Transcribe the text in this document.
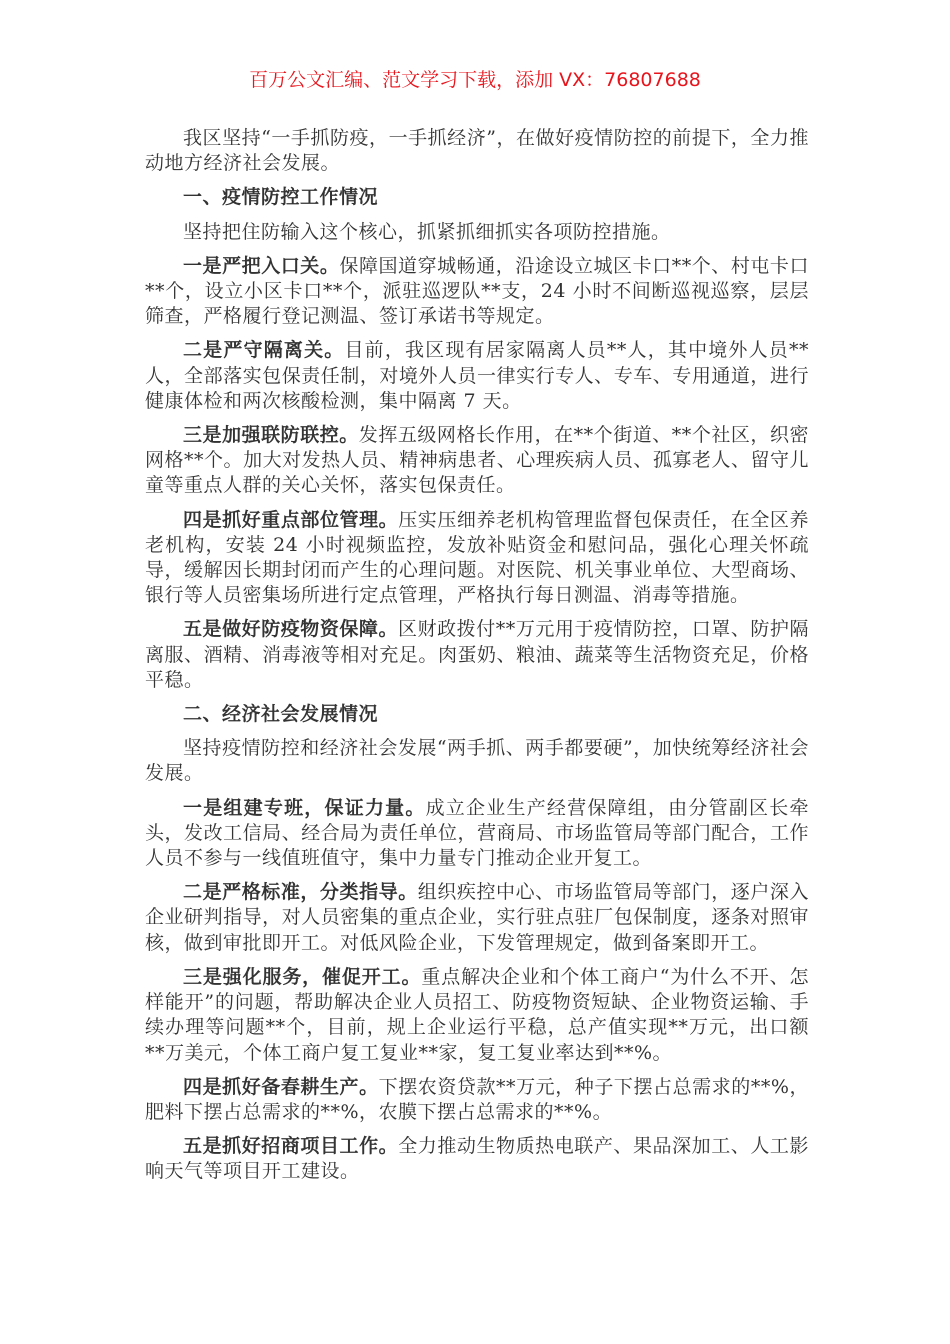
百万公文汇编、范文学习下载，添加 VX：76807688

我区坚持“一手抓防疫，一手抓经济”，在做好疫情防控的前提下，全力推动地方经济社会发展。

一、疫情防控工作情况

坚持把住防输入这个核心，抓紧抓细抓实各项防控措施。

一是严把入口关。保障国道穿城畅通，沿途设立城区卡口**个、村屯卡口**个，设立小区卡口**个，派驻巡逻队**支，24 小时不间断巡视巡察，层层筛查，严格履行登记测温、签订承诺书等规定。

二是严守隔离关。目前，我区现有居家隔离人员**人，其中境外人员**人，全部落实包保责任制，对境外人员一律实行专人、专车、专用通道，进行健康体检和两次核酸检测，集中隔离 7 天。

三是加强联防联控。发挥五级网格长作用，在**个街道、**个社区，织密网格**个。加大对发热人员、精神病患者、心理疾病人员、孤寡老人、留守儿童等重点人群的关心关怀，落实包保责任。

四是抓好重点部位管理。压实压细养老机构管理监督包保责任，在全区养老机构，安装 24 小时视频监控，发放补贴资金和慰问品，强化心理关怀疏导，缓解因长期封闭而产生的心理问题。对医院、机关事业单位、大型商场、银行等人员密集场所进行定点管理，严格执行每日测温、消毒等措施。

五是做好防疫物资保障。区财政拨付**万元用于疫情防控，口罩、防护隔离服、酒精、消毒液等相对充足。肉蛋奶、粮油、蔬菜等生活物资充足，价格平稳。

二、经济社会发展情况

坚持疫情防控和经济社会发展“两手抓、两手都要硬”，加快统筹经济社会发展。

一是组建专班，保证力量。成立企业生产经营保障组，由分管副区长牵头，发改工信局、经合局为责任单位，营商局、市场监管局等部门配合，工作人员不参与一线值班值守，集中力量专门推动企业开复工。

二是严格标准，分类指导。组织疾控中心、市场监管局等部门，逐户深入企业研判指导，对人员密集的重点企业，实行驻点驻厂包保制度，逐条对照审核，做到审批即开工。对低风险企业，下发管理规定，做到备案即开工。

三是强化服务，催促开工。重点解决企业和个体工商户“为什么不开、怎样能开”的问题，帮助解决企业人员招工、防疫物资短缺、企业物资运输、手续办理等问题**个，目前，规上企业运行平稳，总产值实现**万元，出口额**万美元，个体工商户复工复业**家，复工复业率达到**%。

四是抓好备春耕生产。下摆农资贷款**万元，种子下摆占总需求的**%，肥料下摆占总需求的**%，农膜下摆占总需求的**%。

五是抓好招商项目工作。全力推动生物质热电联产、果品深加工、人工影响天气等项目开工建设。
